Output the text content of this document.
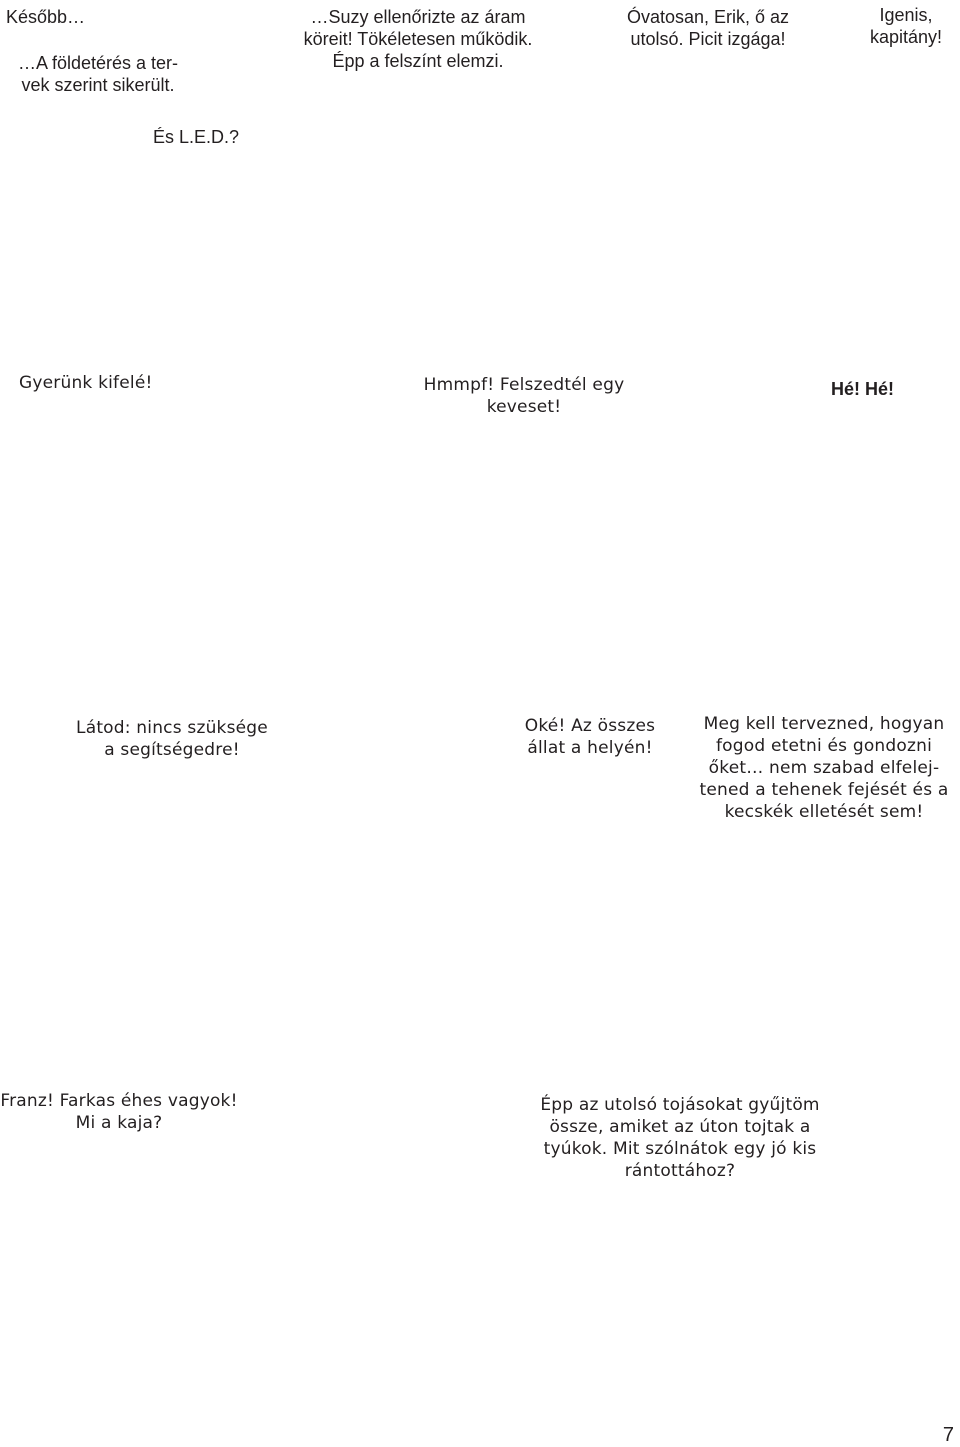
Később…

…A földetérés a ter-
vek szerint sikerült.

…Suzy ellenőrizte az áram
köreit! Tökéletesen működik.
Épp a felszínt elemzi.

Óvatosan, Erik, ő az
utolsó. Picit izgága!

Igenis,
kapitány!

És L.E.D.?

Gyerünk kifelé!	Hmmpf! Felszedtél egy
keveset!

Hé! Hé!

Látod: nincs szüksége
a segítségedre!

Oké! Az összes
állat a helyén!

Meg kell tervezned, hogyan
fogod etetni és gondozni
őket… nem szabad elfelej-
tened a tehenek fejését és a
kecskék elletését sem!

Franz! Farkas éhes vagyok!
Mi a kaja?

Épp az utolsó tojásokat gyűjtöm
össze, amiket az úton tojtak a
tyúkok. Mit szólnátok egy jó kis
rántottához?

7
